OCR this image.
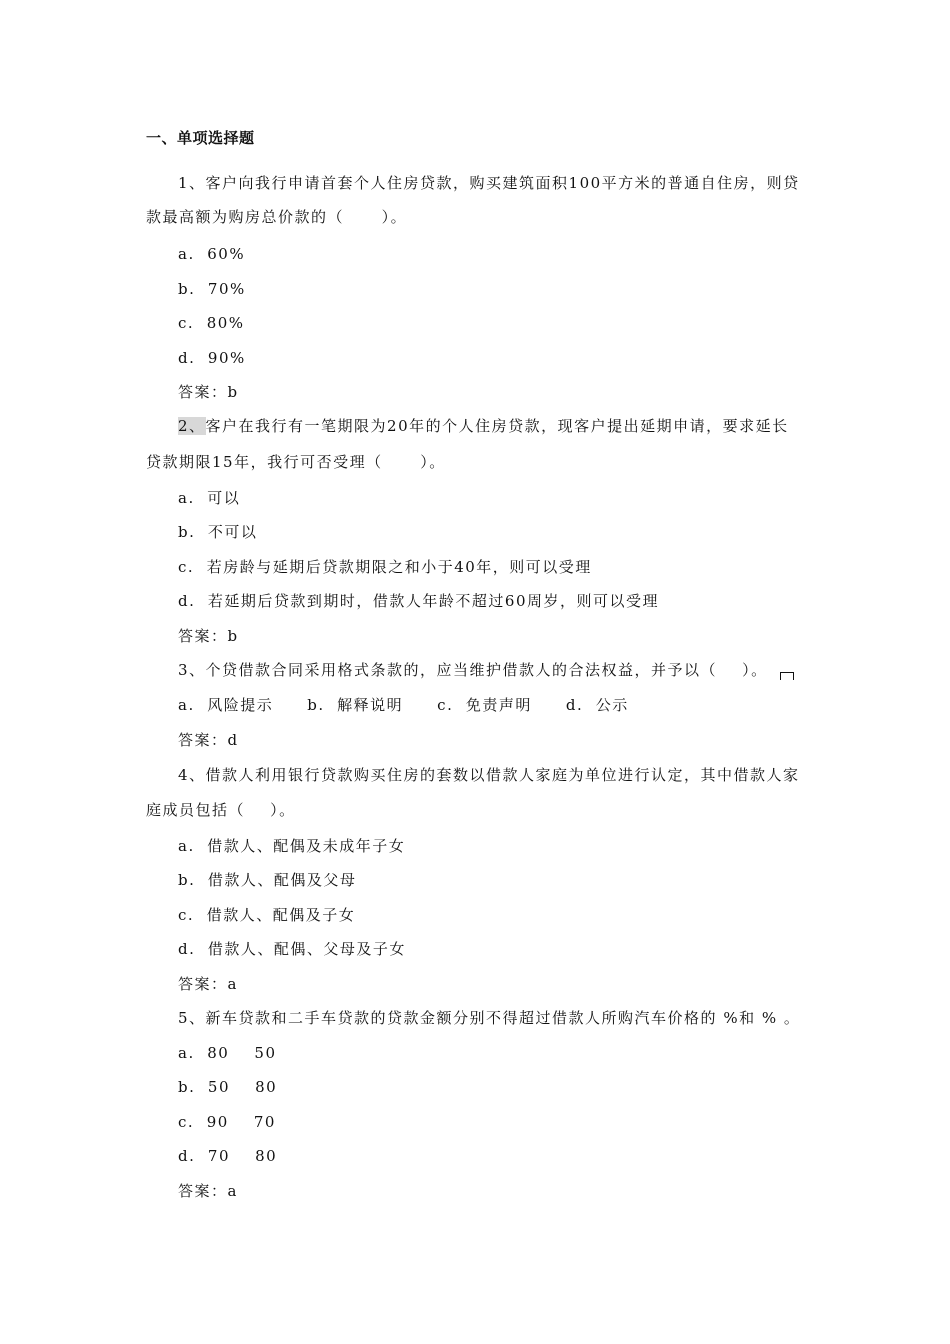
一、单项选择题
1、客户向我行申请首套个人住房贷款，购买建筑面积100平方米的普通自住房，则贷
款最高额为购房总价款的（      ）。
a.  60%
b.  70%
c.  80%
d.  90%
答案：b
2、客户在我行有一笔期限为20年的个人住房贷款，现客户提出延期申请，要求延长
贷款期限15年，我行可否受理（      ）。
a.  可以
b.  不可以
c.  若房龄与延期后贷款期限之和小于40年，则可以受理
d.  若延期后贷款到期时，借款人年龄不超过60周岁，则可以受理
答案：b
3、个贷借款合同采用格式条款的，应当维护借款人的合法权益，并予以（    ）。
a.  风险提示 b.  解释说明 c.  免责声明 d.  公示
答案：d
4、借款人利用银行贷款购买住房的套数以借款人家庭为单位进行认定，其中借款人家
庭成员包括（    ）。
a.  借款人、配偶及未成年子女
b.  借款人、配偶及父母
c.  借款人、配偶及子女
d.  借款人、配偶、父母及子女
答案：a
5、新车贷款和二手车贷款的贷款金额分别不得超过借款人所购汽车价格的 %和 % 。
a.  80    50
b.  50    80
c.  90    70
d.  70    80
答案：a
